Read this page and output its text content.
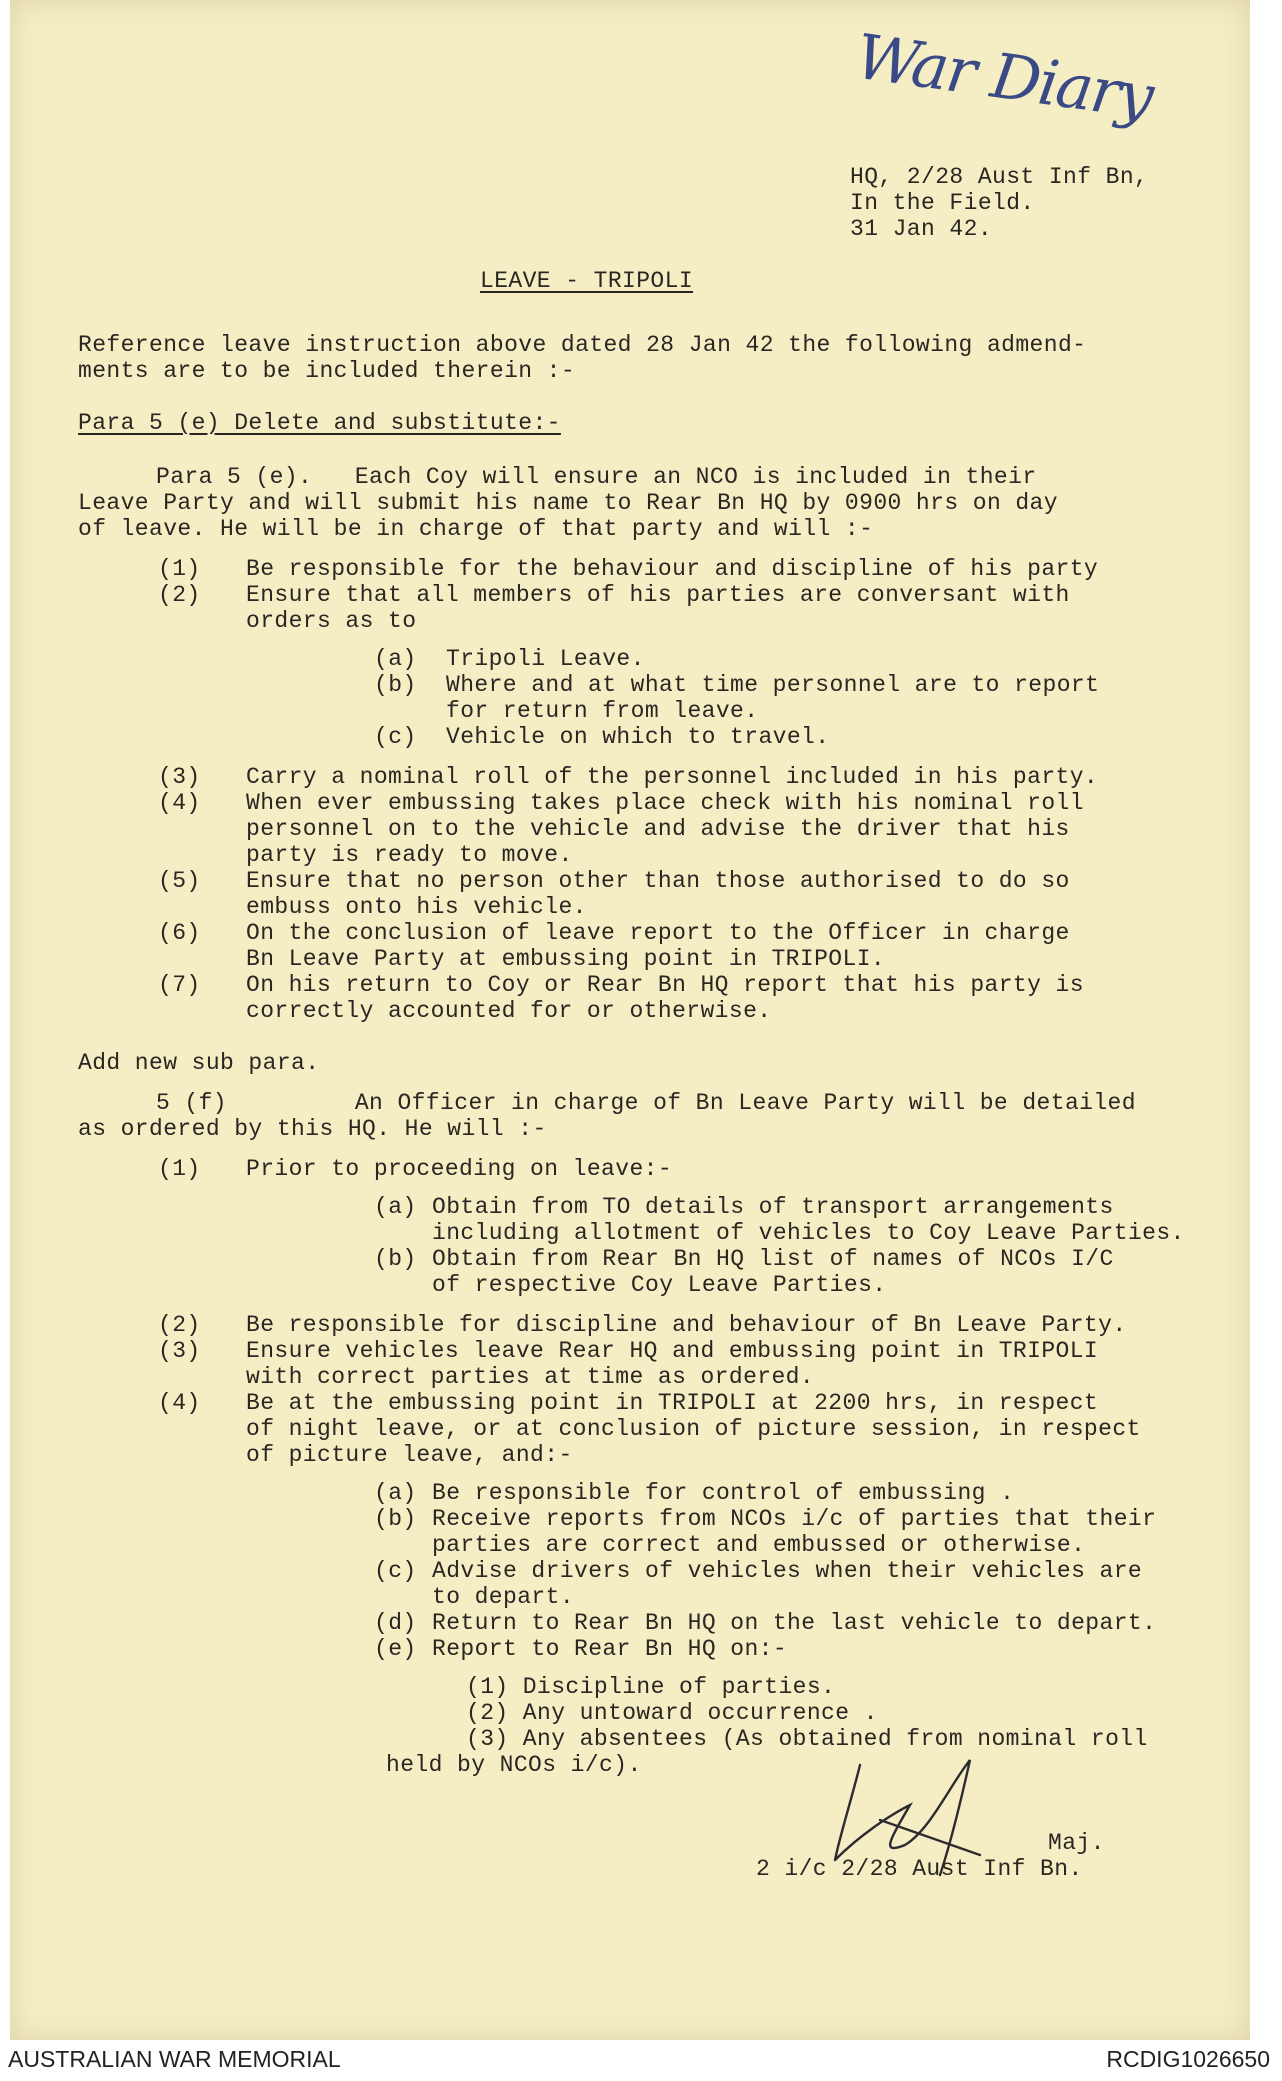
War Diary
HQ, 2/28 Aust Inf Bn,
In the Field.
31 Jan 42.
LEAVE - TRIPOLI
Reference leave instruction above dated 28 Jan 42 the following admend-
ments are to be included therein :-
Para 5 (e) Delete and substitute:-
Para 5 (e).   Each Coy will ensure an NCO is included in their
Leave Party and will submit his name to Rear Bn HQ by 0900 hrs on day
of leave. He will be in charge of that party and will :-
(1) Be responsible for the behaviour and discipline of his party
(2) Ensure that all members of his parties are conversant with
orders as to
(a) Tripoli Leave.
(b) Where and at what time personnel are to report
for return from leave.
(c) Vehicle on which to travel.
(3) Carry a nominal roll of the personnel included in his party.
(4) When ever embussing takes place check with his nominal roll
personnel on to the vehicle and advise the driver that his
party is ready to move.
(5) Ensure that no person other than those authorised to do so
embuss onto his vehicle.
(6) On the conclusion of leave report to the Officer in charge
Bn Leave Party at embussing point in TRIPOLI.
(7) On his return to Coy or Rear Bn HQ report that his party is
correctly accounted for or otherwise.
Add new sub para.
5 (f)         An Officer in charge of Bn Leave Party will be detailed
as ordered by this HQ. He will :-
(1) Prior to proceeding on leave:-
(a) Obtain from TO details of transport arrangements
including allotment of vehicles to Coy Leave Parties.
(b) Obtain from Rear Bn HQ list of names of NCOs I/C
of respective Coy Leave Parties.
(2) Be responsible for discipline and behaviour of Bn Leave Party.
(3) Ensure vehicles leave Rear HQ and embussing point in TRIPOLI
with correct parties at time as ordered.
(4) Be at the embussing point in TRIPOLI at 2200 hrs, in respect
of night leave, or at conclusion of picture session, in respect
of picture leave, and:-
(a) Be responsible for control of embussing .
(b) Receive reports from NCOs i/c of parties that their
parties are correct and embussed or otherwise.
(c) Advise drivers of vehicles when their vehicles are
to depart.
(d) Return to Rear Bn HQ on the last vehicle to depart.
(e) Report to Rear Bn HQ on:-
(1) Discipline of parties.
(2) Any untoward occurrence .
(3) Any absentees (As obtained from nominal roll
held by NCOs i/c).
Maj.
2 i/c 2/28 Aust Inf Bn.
AUSTRALIAN WAR MEMORIAL	RCDIG1026650
